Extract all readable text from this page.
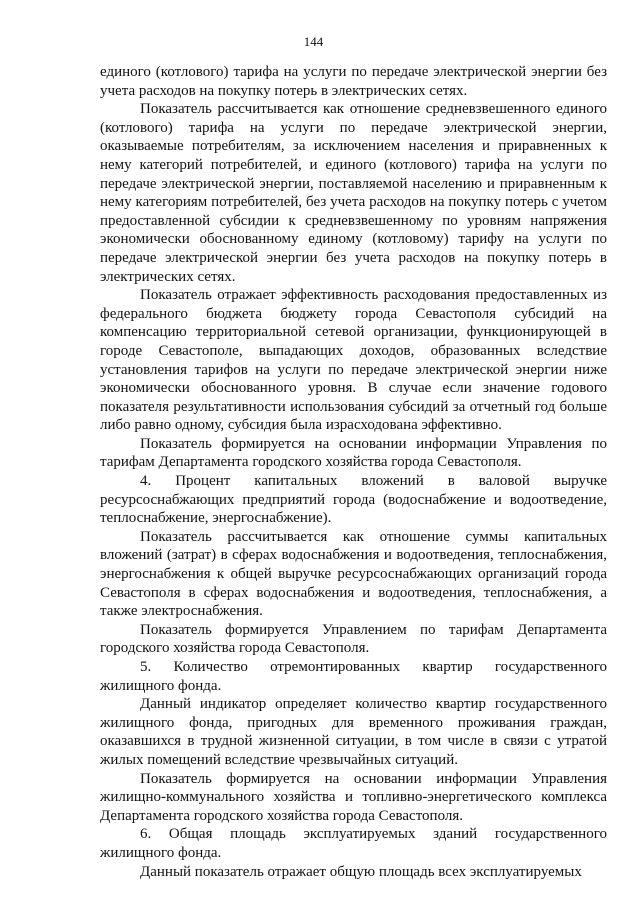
144

единого (котлового) тарифа на услуги по передаче электрической энергии без учета расходов на покупку потерь в электрических сетях.

Показатель рассчитывается как отношение средневзвешенного единого (котлового) тарифа на услуги по передаче электрической энергии, оказываемые потребителям, за исключением населения и приравненных к нему категорий потребителей, и единого (котлового) тарифа на услуги по передаче электрической энергии, поставляемой населению и приравненным к нему категориям потребителей, без учета расходов на покупку потерь с учетом предоставленной субсидии к средневзвешенному по уровням напряжения экономически обоснованному единому (котловому) тарифу на услуги по передаче электрической энергии без учета расходов на покупку потерь в электрических сетях.

Показатель отражает эффективность расходования предоставленных из федерального бюджета бюджету города Севастополя субсидий на компенсацию территориальной сетевой организации, функционирующей в городе Севастополе, выпадающих доходов, образованных вследствие установления тарифов на услуги по передаче электрической энергии ниже экономически обоснованного уровня. В случае если значение годового показателя результативности использования субсидий за отчетный год больше либо равно одному, субсидия была израсходована эффективно.

Показатель формируется на основании информации Управления по тарифам Департамента городского хозяйства города Севастополя.

4. Процент капитальных вложений в валовой выручке ресурсоснабжающих предприятий города (водоснабжение и водоотведение, теплоснабжение, энергоснабжение).

Показатель рассчитывается как отношение суммы капитальных вложений (затрат) в сферах водоснабжения и водоотведения, теплоснабжения, энергоснабжения к общей выручке ресурсоснабжающих организаций города Севастополя в сферах водоснабжения и водоотведения, теплоснабжения, а также электроснабжения.

Показатель формируется Управлением по тарифам Департамента городского хозяйства города Севастополя.

5. Количество отремонтированных квартир государственного жилищного фонда.

Данный индикатор определяет количество квартир государственного жилищного фонда, пригодных для временного проживания граждан, оказавшихся в трудной жизненной ситуации, в том числе в связи с утратой жилых помещений вследствие чрезвычайных ситуаций.

Показатель формируется на основании информации Управления жилищно-коммунального хозяйства и топливно-энергетического комплекса Департамента городского хозяйства города Севастополя.

6. Общая площадь эксплуатируемых зданий государственного жилищного фонда.

Данный показатель отражает общую площадь всех эксплуатируемых
